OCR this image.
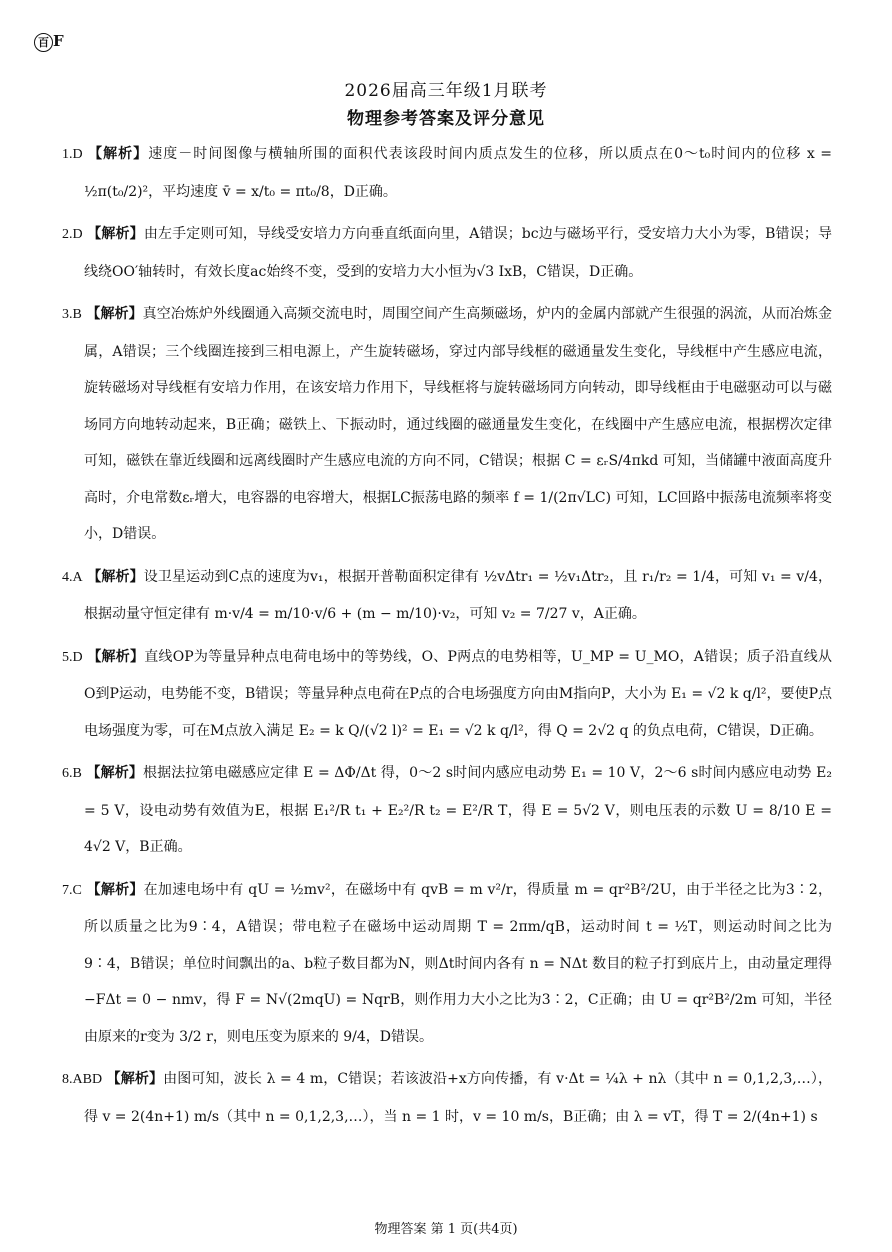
百 F
2026届高三年级1月联考
物理参考答案及评分意见

1.D 【解析】速度－时间图像与横轴所围的面积代表该段时间内质点发生的位移，所以质点在0～t₀时间内的位移 x = ½π(t₀/2)²，平均速度 v̄ = x/t₀ = πt₀/8，D正确。

2.D 【解析】由左手定则可知，导线受安培力方向垂直纸面向里，A错误；bc边与磁场平行，受安培力大小为零，B错误；导线绕OO′轴转时，有效长度ac始终不变，受到的安培力大小恒为√3 IxB，C错误，D正确。

3.B 【解析】真空冶炼炉外线圈通入高频交流电时，周围空间产生高频磁场，炉内的金属内部就产生很强的涡流，从而冶炼金属，A错误；三个线圈连接到三相电源上，产生旋转磁场，穿过内部导线框的磁通量发生变化，导线框中产生感应电流，旋转磁场对导线框有安培力作用，在该安培力作用下，导线框将与旋转磁场同方向转动，即导线框由于电磁驱动可以与磁场同方向地转动起来，B正确；磁铁上、下振动时，通过线圈的磁通量发生变化，在线圈中产生感应电流，根据楞次定律可知，磁铁在靠近线圈和远离线圈时产生感应电流的方向不同，C错误；根据 C = εᵣS/4πkd 可知，当储罐中液面高度升高时，介电常数εᵣ增大，电容器的电容增大，根据LC振荡电路的频率 f = 1/(2π√LC) 可知，LC回路中振荡电流频率将变小，D错误。

4.A 【解析】设卫星运动到C点的速度为v₁，根据开普勒面积定律有 ½vΔtr₁ = ½v₁Δtr₂，且 r₁/r₂ = 1/4，可知 v₁ = v/4，根据动量守恒定律有 m·v/4 = m/10·v/6 + (m − m/10)·v₂，可知 v₂ = 7/27 v，A正确。

5.D 【解析】直线OP为等量异种点电荷电场中的等势线，O、P两点的电势相等，U_MP = U_MO，A错误；质子沿直线从O到P运动，电势能不变，B错误；等量异种点电荷在P点的合电场强度方向由M指向P，大小为 E₁ = √2 k q/l²，要使P点电场强度为零，可在M点放入满足 E₂ = k Q/(√2 l)² = E₁ = √2 k q/l²，得 Q = 2√2 q 的负点电荷，C错误，D正确。

6.B 【解析】根据法拉第电磁感应定律 E = ΔΦ/Δt 得，0～2 s时间内感应电动势 E₁ = 10 V，2～6 s时间内感应电动势 E₂ = 5 V，设电动势有效值为E，根据 E₁²/R t₁ + E₂²/R t₂ = E²/R T，得 E = 5√2 V，则电压表的示数 U = 8/10 E = 4√2 V，B正确。

7.C 【解析】在加速电场中有 qU = ½mv²，在磁场中有 qvB = m v²/r，得质量 m = qr²B²/2U，由于半径之比为3∶2，所以质量之比为9∶4，A错误；带电粒子在磁场中运动周期 T = 2πm/qB，运动时间 t = ½T，则运动时间之比为9∶4，B错误；单位时间飘出的a、b粒子数目都为N，则Δt时间内各有 n = NΔt 数目的粒子打到底片上，由动量定理得 −FΔt = 0 − nmv，得 F = N√(2mqU) = NqrB，则作用力大小之比为3∶2，C正确；由 U = qr²B²/2m 可知，半径由原来的r变为 3/2 r，则电压变为原来的 9/4，D错误。

8.ABD 【解析】由图可知，波长 λ = 4 m，C错误；若该波沿+x方向传播，有 v·Δt = ¼λ + nλ（其中 n = 0,1,2,3,…），得 v = 2(4n+1) m/s（其中 n = 0,1,2,3,…），当 n = 1 时，v = 10 m/s，B正确；由 λ = vT，得 T = 2/(4n+1) s

物理答案 第 1 页(共4页)
